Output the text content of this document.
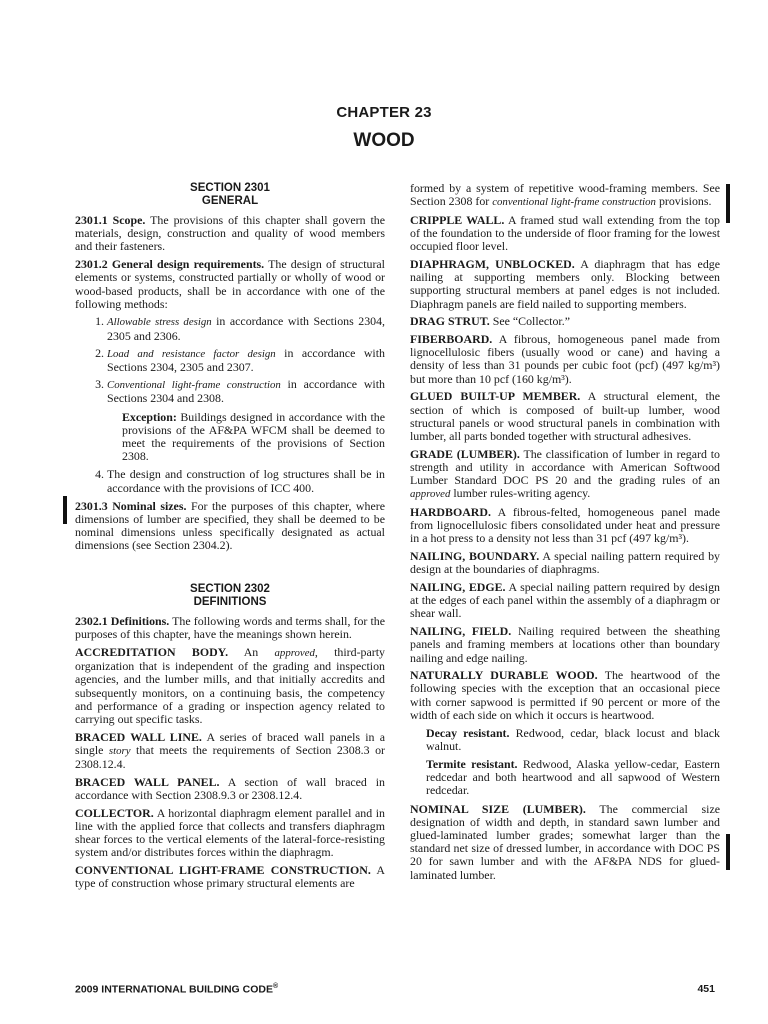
CHAPTER 23
WOOD
SECTION 2301
GENERAL

2301.1 Scope. The provisions of this chapter shall govern the materials, design, construction and quality of wood members and their fasteners.

2301.2 General design requirements. The design of structural elements or systems, constructed partially or wholly of wood or wood-based products, shall be in accordance with one of the following methods:

1. Allowable stress design in accordance with Sections 2304, 2305 and 2306.
2. Load and resistance factor design in accordance with Sections 2304, 2305 and 2307.
3. Conventional light-frame construction in accordance with Sections 2304 and 2308.
Exception: Buildings designed in accordance with the provisions of the AF&PA WFCM shall be deemed to meet the requirements of the provisions of Section 2308.
4. The design and construction of log structures shall be in accordance with the provisions of ICC 400.

2301.3 Nominal sizes. For the purposes of this chapter, where dimensions of lumber are specified, they shall be deemed to be nominal dimensions unless specifically designated as actual dimensions (see Section 2304.2).

SECTION 2302
DEFINITIONS

2302.1 Definitions. The following words and terms shall, for the purposes of this chapter, have the meanings shown herein.

ACCREDITATION BODY. An approved, third-party organization that is independent of the grading and inspection agencies, and the lumber mills, and that initially accredits and subsequently monitors, on a continuing basis, the competency and performance of a grading or inspection agency related to carrying out specific tasks.

BRACED WALL LINE. A series of braced wall panels in a single story that meets the requirements of Section 2308.3 or 2308.12.4.

BRACED WALL PANEL. A section of wall braced in accordance with Section 2308.9.3 or 2308.12.4.

COLLECTOR. A horizontal diaphragm element parallel and in line with the applied force that collects and transfers diaphragm shear forces to the vertical elements of the lateral-force-resisting system and/or distributes forces within the diaphragm.

CONVENTIONAL LIGHT-FRAME CONSTRUCTION. A type of construction whose primary structural elements are

formed by a system of repetitive wood-framing members. See Section 2308 for conventional light-frame construction provisions.

CRIPPLE WALL. A framed stud wall extending from the top of the foundation to the underside of floor framing for the lowest occupied floor level.

DIAPHRAGM, UNBLOCKED. A diaphragm that has edge nailing at supporting members only. Blocking between supporting structural members at panel edges is not included. Diaphragm panels are field nailed to supporting members.

DRAG STRUT. See “Collector.”

FIBERBOARD. A fibrous, homogeneous panel made from lignocellulosic fibers (usually wood or cane) and having a density of less than 31 pounds per cubic foot (pcf) (497 kg/m³) but more than 10 pcf (160 kg/m³).

GLUED BUILT-UP MEMBER. A structural element, the section of which is composed of built-up lumber, wood structural panels or wood structural panels in combination with lumber, all parts bonded together with structural adhesives.

GRADE (LUMBER). The classification of lumber in regard to strength and utility in accordance with American Softwood Lumber Standard DOC PS 20 and the grading rules of an approved lumber rules-writing agency.

HARDBOARD. A fibrous-felted, homogeneous panel made from lignocellulosic fibers consolidated under heat and pressure in a hot press to a density not less than 31 pcf (497 kg/m³).

NAILING, BOUNDARY. A special nailing pattern required by design at the boundaries of diaphragms.

NAILING, EDGE. A special nailing pattern required by design at the edges of each panel within the assembly of a diaphragm or shear wall.

NAILING, FIELD. Nailing required between the sheathing panels and framing members at locations other than boundary nailing and edge nailing.

NATURALLY DURABLE WOOD. The heartwood of the following species with the exception that an occasional piece with corner sapwood is permitted if 90 percent or more of the width of each side on which it occurs is heartwood.

Decay resistant. Redwood, cedar, black locust and black walnut.

Termite resistant. Redwood, Alaska yellow-cedar, Eastern redcedar and both heartwood and all sapwood of Western redcedar.

NOMINAL SIZE (LUMBER). The commercial size designation of width and depth, in standard sawn lumber and glued-laminated lumber grades; somewhat larger than the standard net size of dressed lumber, in accordance with DOC PS 20 for sawn lumber and with the AF&PA NDS for glued-laminated lumber.

2009 INTERNATIONAL BUILDING CODE®	451
